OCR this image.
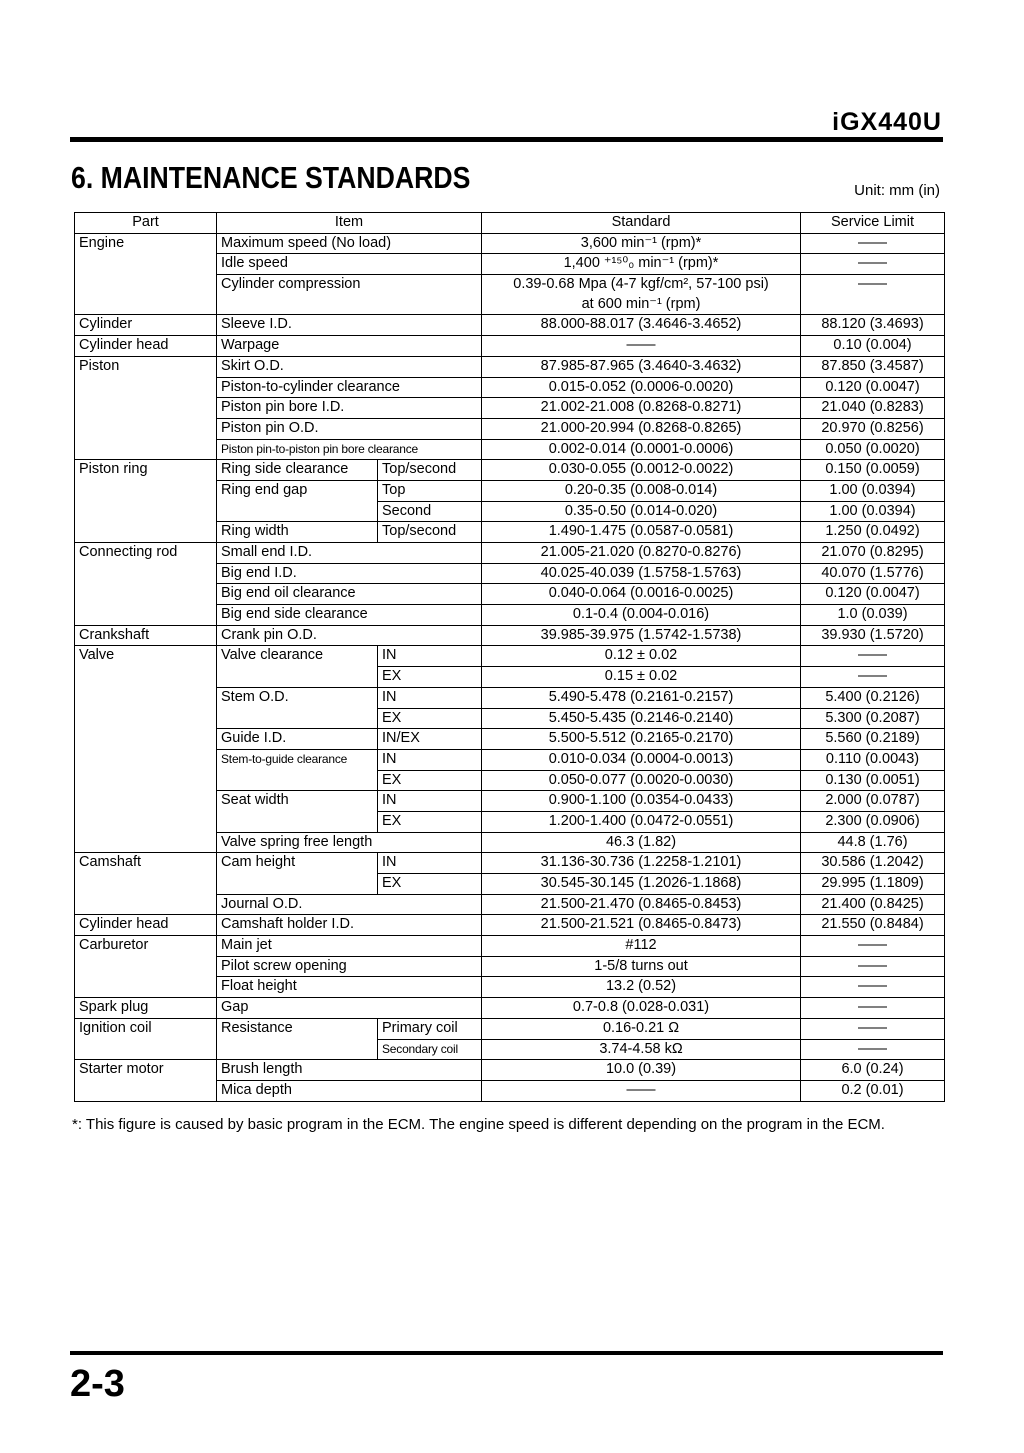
iGX440U
6. MAINTENANCE STANDARDS	Unit: mm (in)
Part	Item		Standard	Service Limit
Engine	Maximum speed (No load)		3,600 min⁻¹ (rpm)*	——
	Idle speed		1,400 ⁺¹⁵⁰₀ min⁻¹ (rpm)*	——
	Cylinder compression		0.39-0.68 Mpa (4-7 kgf/cm², 57-100 psi)	——
			at 600 min⁻¹ (rpm)	
Cylinder	Sleeve I.D.		88.000-88.017 (3.4646-3.4652)	88.120 (3.4693)
Cylinder head	Warpage		——	0.10 (0.004)
Piston	Skirt O.D.		87.985-87.965 (3.4640-3.4632)	87.850 (3.4587)
	Piston-to-cylinder clearance		0.015-0.052 (0.0006-0.0020)	0.120 (0.0047)
	Piston pin bore I.D.		21.002-21.008 (0.8268-0.8271)	21.040 (0.8283)
	Piston pin O.D.		21.000-20.994 (0.8268-0.8265)	20.970 (0.8256)
	Piston pin-to-piston pin bore clearance		0.002-0.014 (0.0001-0.0006)	0.050 (0.0020)
Piston ring	Ring side clearance	Top/second	0.030-0.055 (0.0012-0.0022)	0.150 (0.0059)
	Ring end gap	Top	0.20-0.35 (0.008-0.014)	1.00 (0.0394)
		Second	0.35-0.50 (0.014-0.020)	1.00 (0.0394)
	Ring width	Top/second	1.490-1.475 (0.0587-0.0581)	1.250 (0.0492)
Connecting rod	Small end I.D.		21.005-21.020 (0.8270-0.8276)	21.070 (0.8295)
	Big end I.D.		40.025-40.039 (1.5758-1.5763)	40.070 (1.5776)
	Big end oil clearance		0.040-0.064 (0.0016-0.0025)	0.120 (0.0047)
	Big end side clearance		0.1-0.4 (0.004-0.016)	1.0 (0.039)
Crankshaft	Crank pin O.D.		39.985-39.975 (1.5742-1.5738)	39.930 (1.5720)
Valve	Valve clearance	IN	0.12 ± 0.02	——
		EX	0.15 ± 0.02	——
	Stem O.D.	IN	5.490-5.478 (0.2161-0.2157)	5.400 (0.2126)
		EX	5.450-5.435 (0.2146-0.2140)	5.300 (0.2087)
	Guide I.D.	IN/EX	5.500-5.512 (0.2165-0.2170)	5.560 (0.2189)
	Stem-to-guide clearance	IN	0.010-0.034 (0.0004-0.0013)	0.110 (0.0043)
		EX	0.050-0.077 (0.0020-0.0030)	0.130 (0.0051)
	Seat width	IN	0.900-1.100 (0.0354-0.0433)	2.000 (0.0787)
		EX	1.200-1.400 (0.0472-0.0551)	2.300 (0.0906)
	Valve spring free length		46.3 (1.82)	44.8 (1.76)
Camshaft	Cam height	IN	31.136-30.736 (1.2258-1.2101)	30.586 (1.2042)
		EX	30.545-30.145 (1.2026-1.1868)	29.995 (1.1809)
	Journal O.D.		21.500-21.470 (0.8465-0.8453)	21.400 (0.8425)
Cylinder head	Camshaft holder I.D.		21.500-21.521 (0.8465-0.8473)	21.550 (0.8484)
Carburetor	Main jet		#112	——
	Pilot screw opening		1-5/8 turns out	——
	Float height		13.2 (0.52)	——
Spark plug	Gap		0.7-0.8 (0.028-0.031)	——
Ignition coil	Resistance	Primary coil	0.16-0.21 Ω	——
		Secondary coil	3.74-4.58 kΩ	——
Starter motor	Brush length		10.0 (0.39)	6.0 (0.24)
	Mica depth		——	0.2 (0.01)
*: This figure is caused by basic program in the ECM. The engine speed is different depending on the program in the ECM.
2-3
